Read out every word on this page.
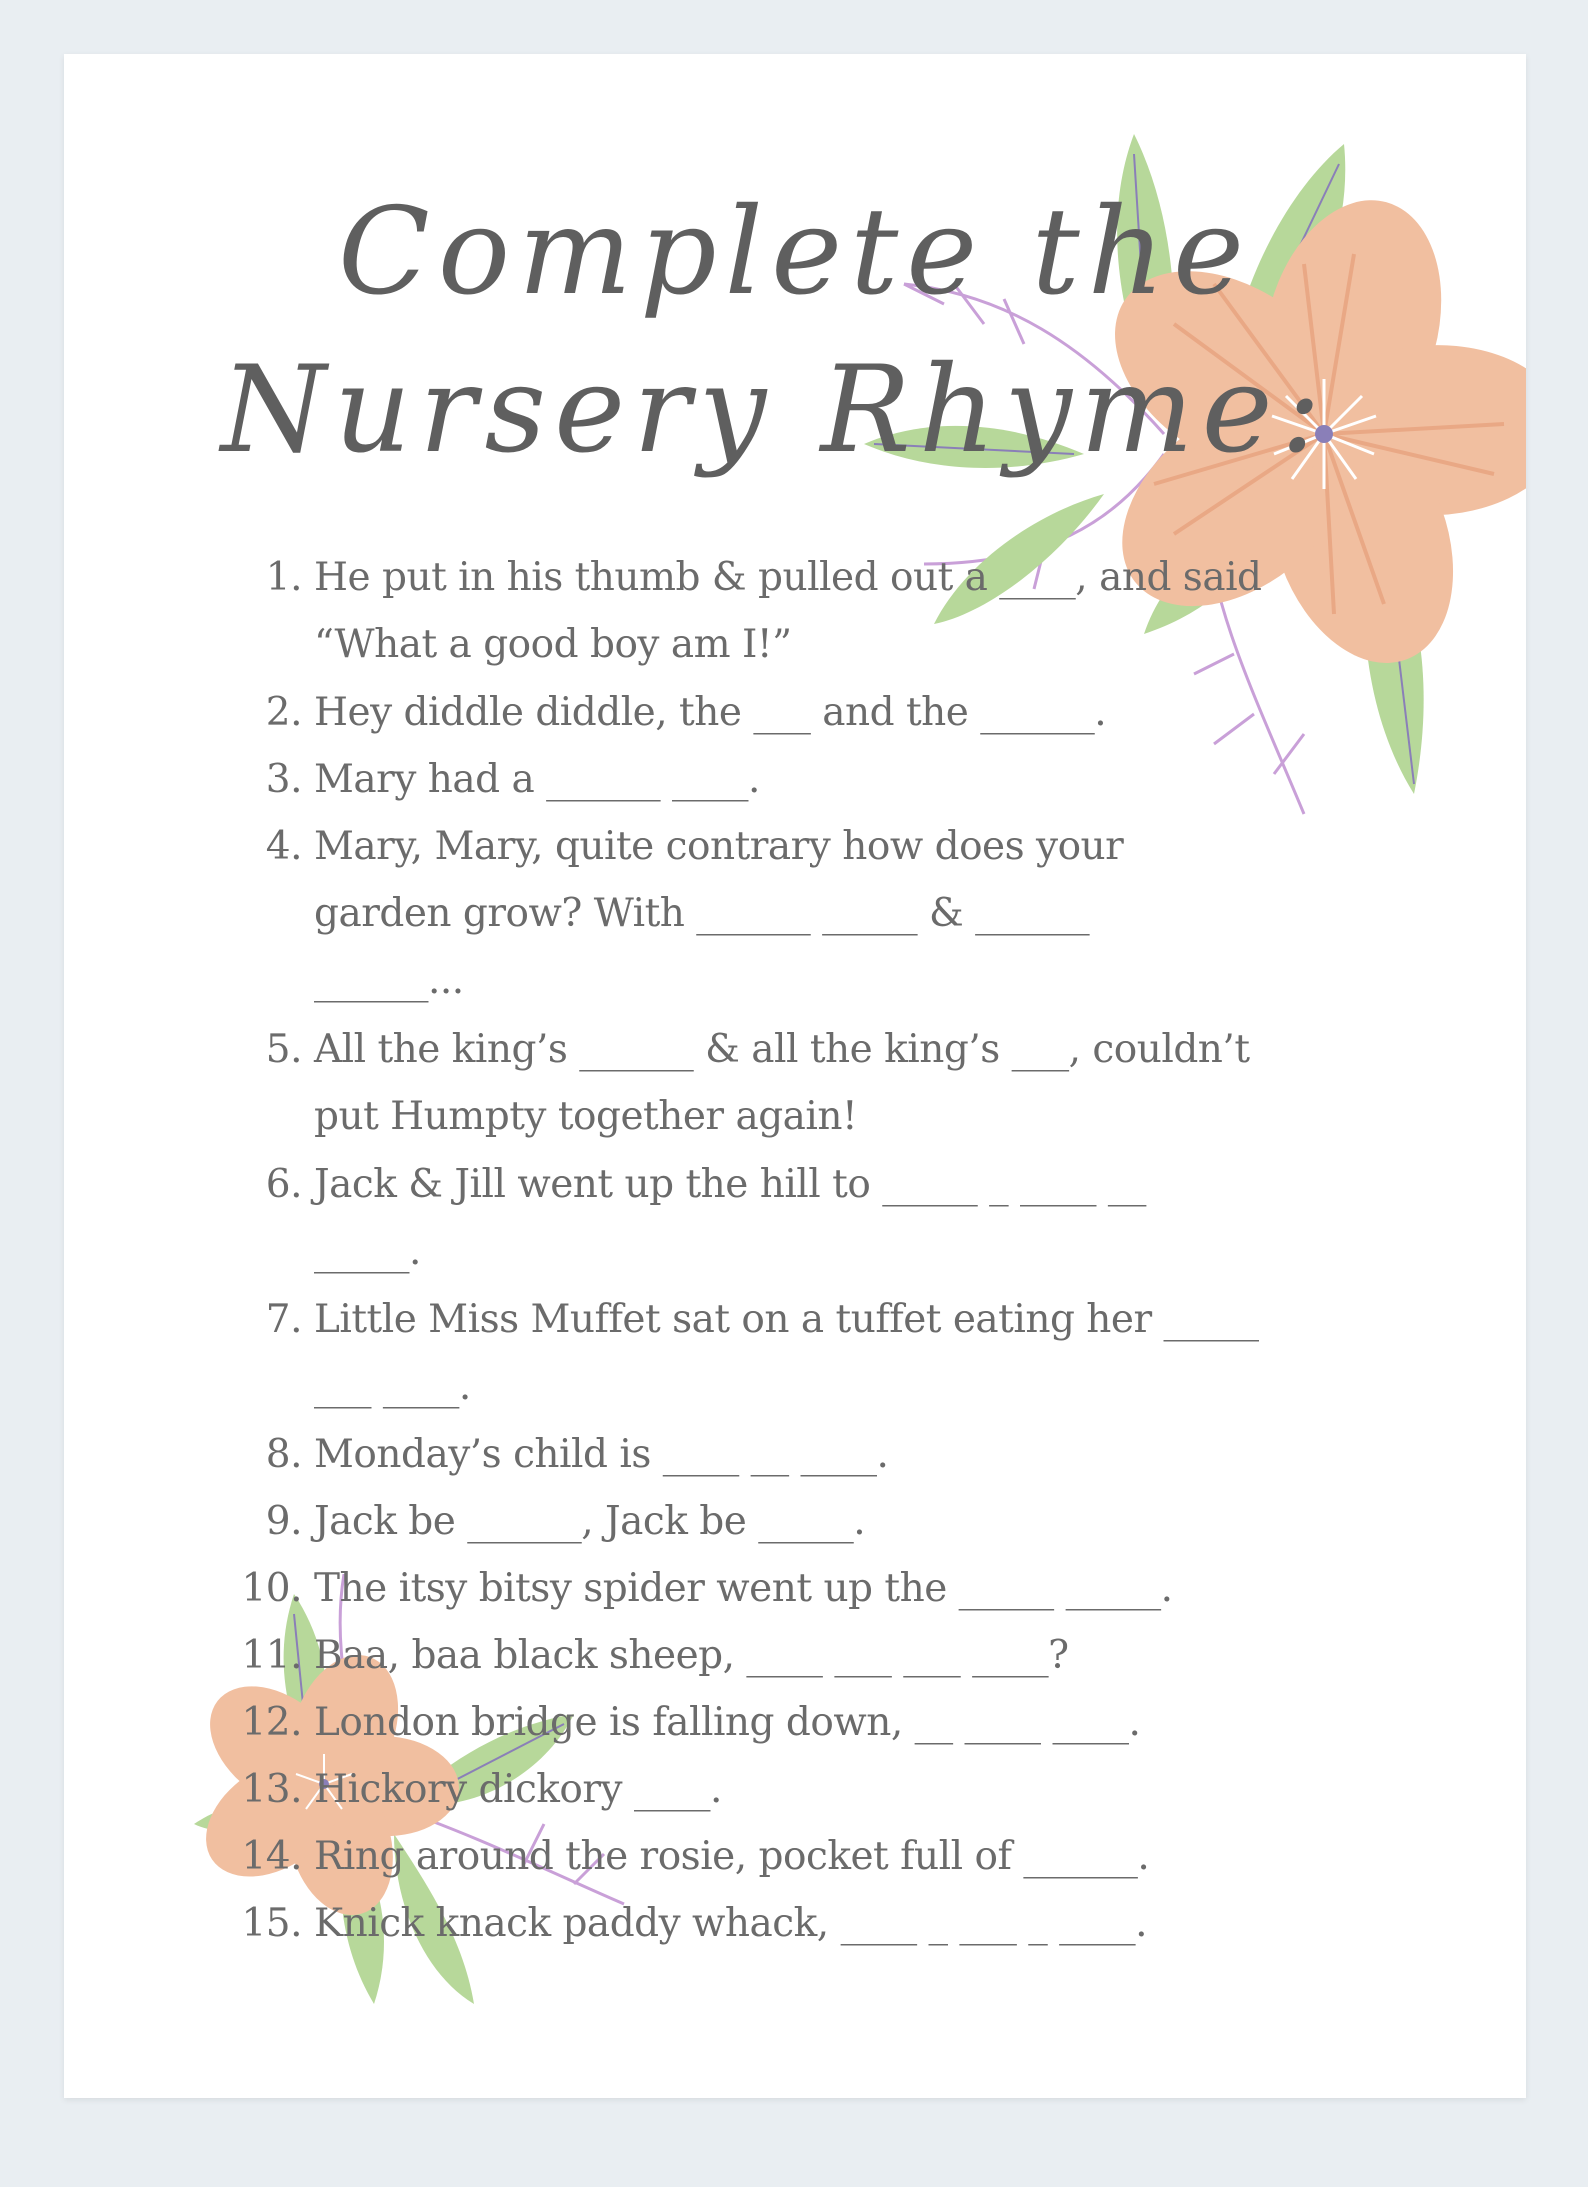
Complete the
Nursery Rhyme:
1. He put in his thumb & pulled out a ____, and said
“What a good boy am I!”
2. Hey diddle diddle, the ___ and the ______.
3. Mary had a ______ ____.
4. Mary, Mary, quite contrary how does your
garden grow? With ______ _____ & ______
______...
5. All the king’s ______ & all the king’s ___, couldn’t
put Humpty together again!
6. Jack & Jill went up the hill to _____ _ ____ __
_____.
7. Little Miss Muffet sat on a tuffet eating her _____
___ ____.
8. Monday’s child is ____ __ ____.
9. Jack be ______, Jack be _____.
10. The itsy bitsy spider went up the _____ _____.
11. Baa, baa black sheep, ____ ___ ___ ____?
12. London bridge is falling down, __ ____ ____.
13. Hickory dickory ____.
14. Ring around the rosie, pocket full of ______.
15. Knick knack paddy whack, ____ _ ___ _ ____.
